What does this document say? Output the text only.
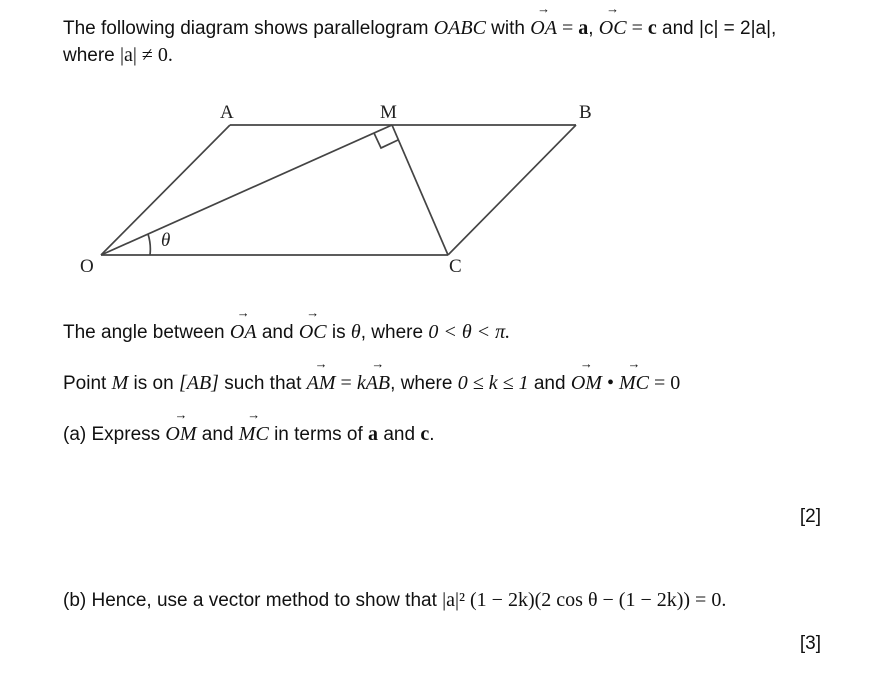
The following diagram shows parallelogram OABC with → OA = a, → OC = c and |c| = 2|a|,
where |a| ≠ 0.
O
A	M	B
C
θ
The angle between → OA and → OC is θ, where 0 < θ < π.
Point M is on [AB] such that → AM = k→ AB, where 0 ≤ k ≤ 1 and → OM • → MC = 0
(a) Express → OM and → MC in terms of a and c.
[2]
(b) Hence, use a vector method to show that |a|² (1 − 2k)(2 cos θ − (1 − 2k)) = 0.
[3]
